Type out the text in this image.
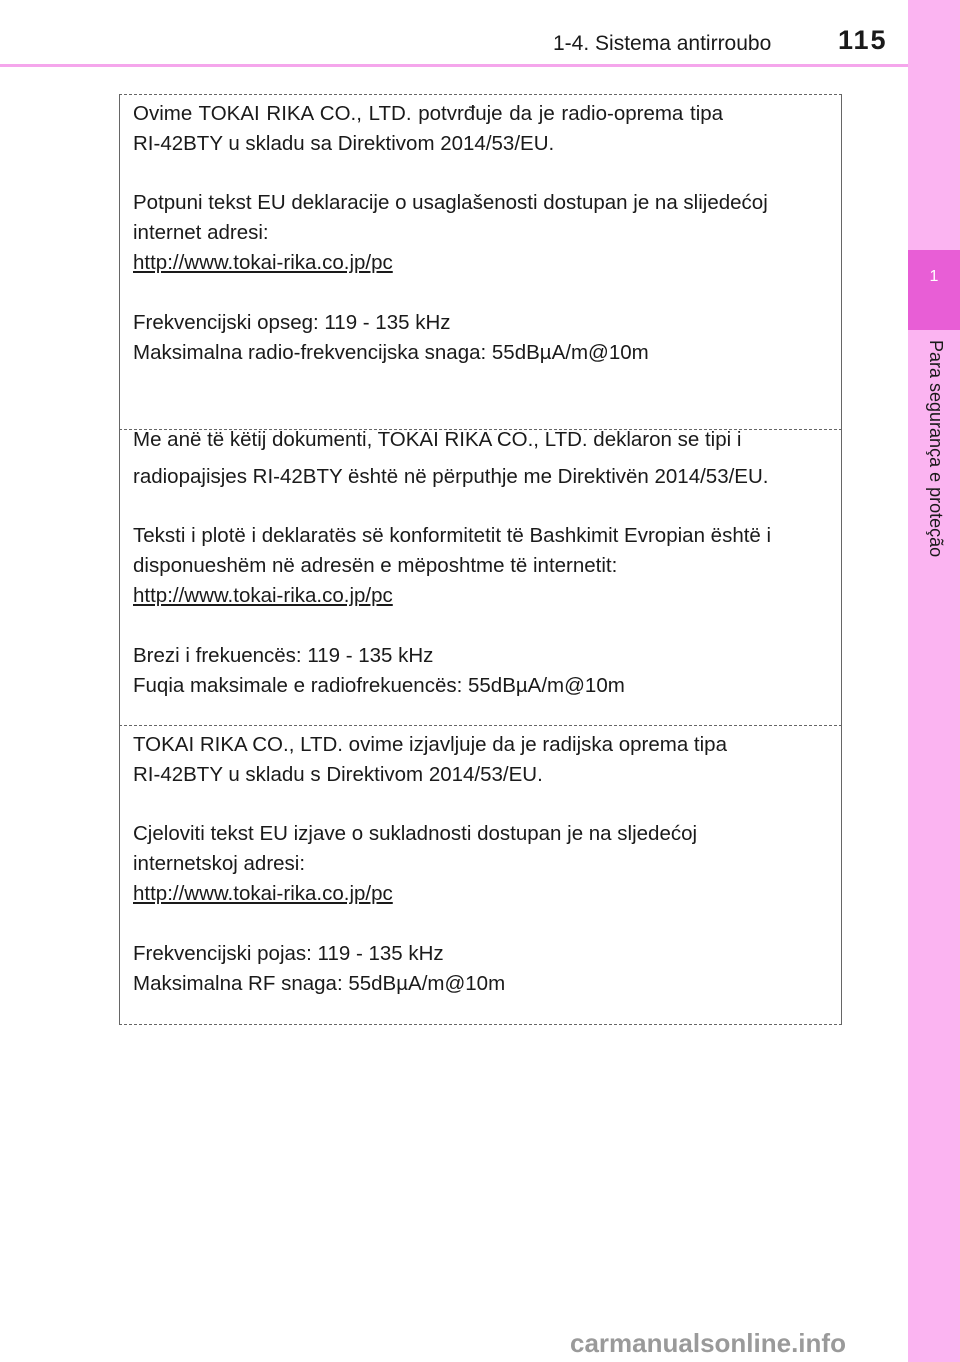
1-4. Sistema antirroubo 115
1
Para segurança e proteção

Ovime TOKAI RIKA CO., LTD. potvrđuje da je radio-oprema tipa

RI-42BTY u skladu sa Direktivom 2014/53/EU.

Potpuni tekst EU deklaracije o usaglašenosti dostupan je na slijedećoj

internet adresi:

http://www.tokai-rika.co.jp/pc

Frekvencijski opseg: 119 - 135 kHz

Maksimalna radio-frekvencijska snaga: 55dBµA/m@10m

Me anë të këtij dokumenti, TOKAI RIKA CO., LTD. deklaron se tipi i

radiopajisjes RI-42BTY është në përputhje me Direktivën 2014/53/EU.

Teksti i plotë i deklaratës së konformitetit të Bashkimit Evropian është i

disponueshëm në adresën e mëposhtme të internetit:

http://www.tokai-rika.co.jp/pc

Brezi i frekuencës: 119 - 135 kHz

Fuqia maksimale e radiofrekuencës: 55dBµA/m@10m

TOKAI RIKA CO., LTD. ovime izjavljuje da je radijska oprema tipa

RI-42BTY u skladu s Direktivom 2014/53/EU.

Cjeloviti tekst EU izjave o sukladnosti dostupan je na sljedećoj

internetskoj adresi:

http://www.tokai-rika.co.jp/pc

Frekvencijski pojas: 119 - 135 kHz

Maksimalna RF snaga: 55dBµA/m@10m

carmanualsonline.info
